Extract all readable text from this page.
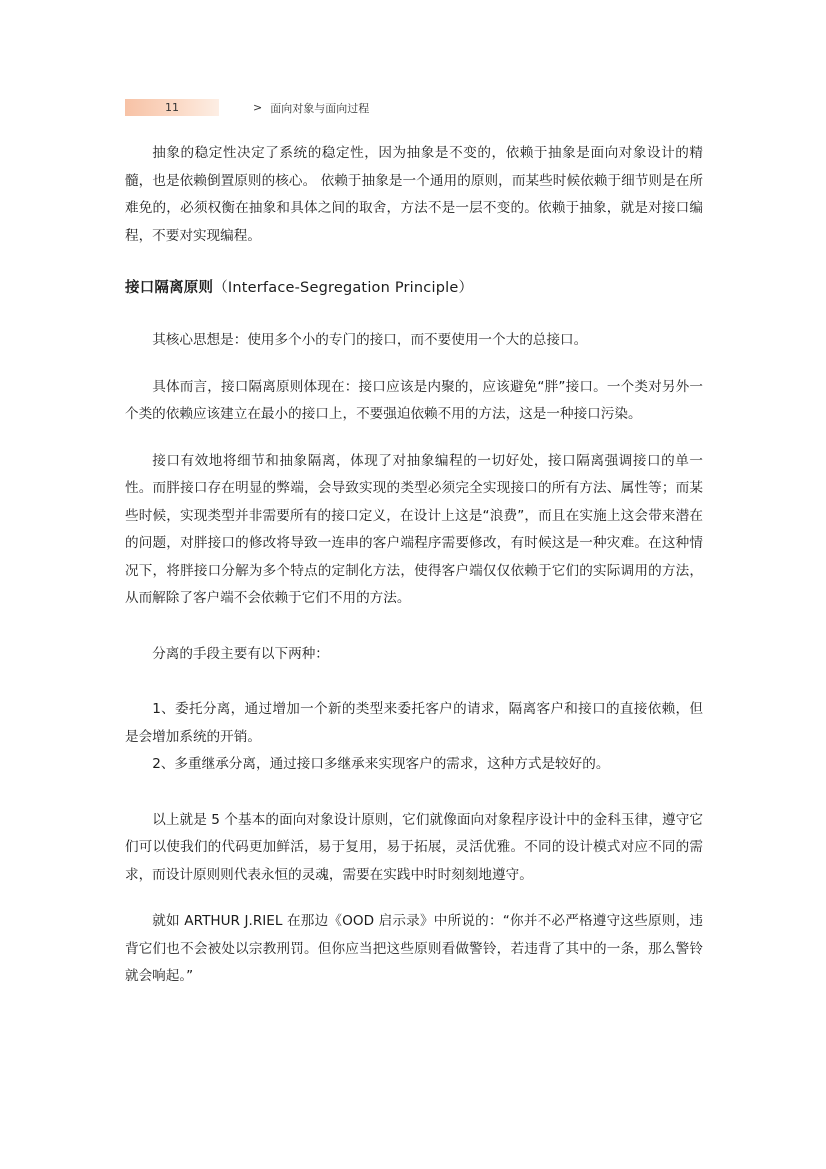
11	> 面向对象与面向过程

抽象的稳定性决定了系统的稳定性，因为抽象是不变的，依赖于抽象是面向对象设计的精髓，也是依赖倒置原则的核心。 依赖于抽象是一个通用的原则，而某些时候依赖于细节则是在所难免的，必须权衡在抽象和具体之间的取舍，方法不是一层不变的。依赖于抽象，就是对接口编程，不要对实现编程。

接口隔离原则（Interface-Segregation Principle）

其核心思想是：使用多个小的专门的接口，而不要使用一个大的总接口。

具体而言，接口隔离原则体现在：接口应该是内聚的，应该避免“胖”接口。一个类对另外一个类的依赖应该建立在最小的接口上，不要强迫依赖不用的方法，这是一种接口污染。

接口有效地将细节和抽象隔离，体现了对抽象编程的一切好处，接口隔离强调接口的单一性。而胖接口存在明显的弊端，会导致实现的类型必须完全实现接口的所有方法、属性等；而某些时候，实现类型并非需要所有的接口定义，在设计上这是“浪费”，而且在实施上这会带来潜在的问题，对胖接口的修改将导致一连串的客户端程序需要修改，有时候这是一种灾难。在这种情况下，将胖接口分解为多个特点的定制化方法，使得客户端仅仅依赖于它们的实际调用的方法，从而解除了客户端不会依赖于它们不用的方法。

分离的手段主要有以下两种：

1、委托分离，通过增加一个新的类型来委托客户的请求，隔离客户和接口的直接依赖，但是会增加系统的开销。

2、多重继承分离，通过接口多继承来实现客户的需求，这种方式是较好的。

以上就是 5 个基本的面向对象设计原则，它们就像面向对象程序设计中的金科玉律，遵守它们可以使我们的代码更加鲜活，易于复用，易于拓展，灵活优雅。不同的设计模式对应不同的需求，而设计原则则代表永恒的灵魂，需要在实践中时时刻刻地遵守。

就如 ARTHUR J.RIEL 在那边《OOD 启示录》中所说的：“你并不必严格遵守这些原则，违背它们也不会被处以宗教刑罚。但你应当把这些原则看做警铃，若违背了其中的一条，那么警铃就会响起。”
